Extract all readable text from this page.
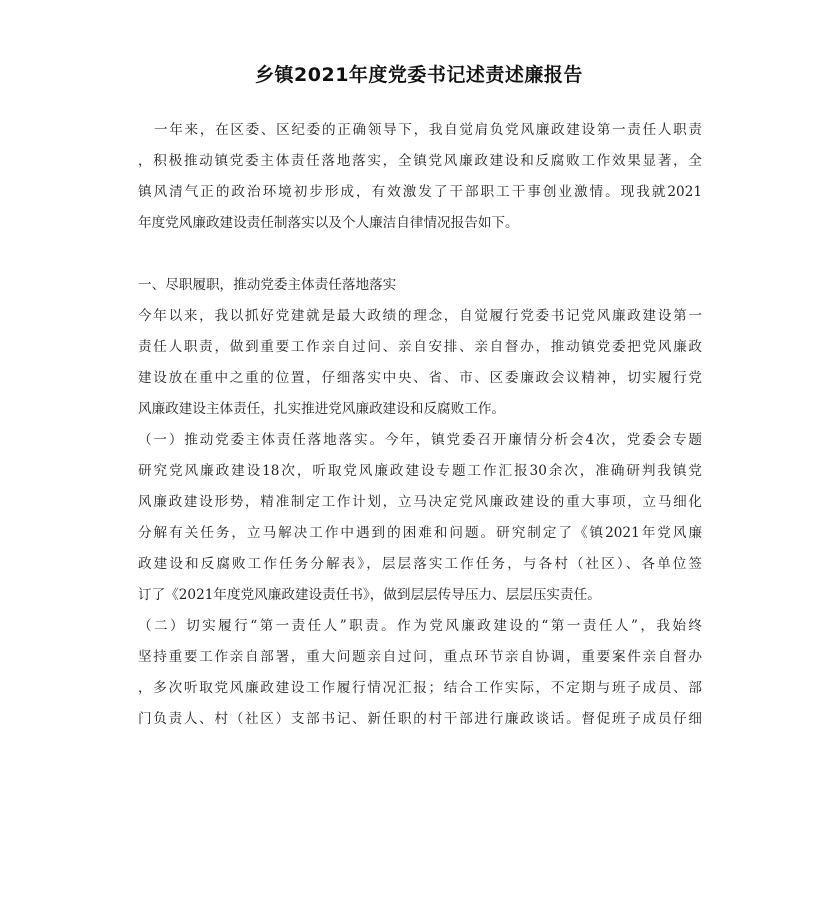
乡镇2021年度党委书记述责述廉报告
一年来，在区委、区纪委的正确领导下，我自觉肩负党风廉政建设第一责任人职责
，积极推动镇党委主体责任落地落实，全镇党风廉政建设和反腐败工作效果显著，全
镇风清气正的政治环境初步形成，有效激发了干部职工干事创业激情。现我就2021
年度党风廉政建设责任制落实以及个人廉洁自律情况报告如下。
一、尽职履职，推动党委主体责任落地落实
今年以来，我以抓好党建就是最大政绩的理念，自觉履行党委书记党风廉政建设第一
责任人职责，做到重要工作亲自过问、亲自安排、亲自督办，推动镇党委把党风廉政
建设放在重中之重的位置，仔细落实中央、省、市、区委廉政会议精神，切实履行党
风廉政建设主体责任，扎实推进党风廉政建设和反腐败工作。
（一）推动党委主体责任落地落实。今年，镇党委召开廉情分析会4次，党委会专题
研究党风廉政建设18次，听取党风廉政建设专题工作汇报30余次，准确研判我镇党
风廉政建设形势，精准制定工作计划，立马决定党风廉政建设的重大事项，立马细化
分解有关任务，立马解决工作中遇到的困难和问题。研究制定了《镇2021年党风廉
政建设和反腐败工作任务分解表》，层层落实工作任务，与各村（社区）、各单位签
订了《2021年度党风廉政建设责任书》，做到层层传导压力、层层压实责任。
（二）切实履行“第一责任人”职责。作为党风廉政建设的“第一责任人”，我始终
坚持重要工作亲自部署，重大问题亲自过问，重点环节亲自协调，重要案件亲自督办
，多次听取党风廉政建设工作履行情况汇报；结合工作实际，不定期与班子成员、部
门负责人、村（社区）支部书记、新任职的村干部进行廉政谈话。督促班子成员仔细
